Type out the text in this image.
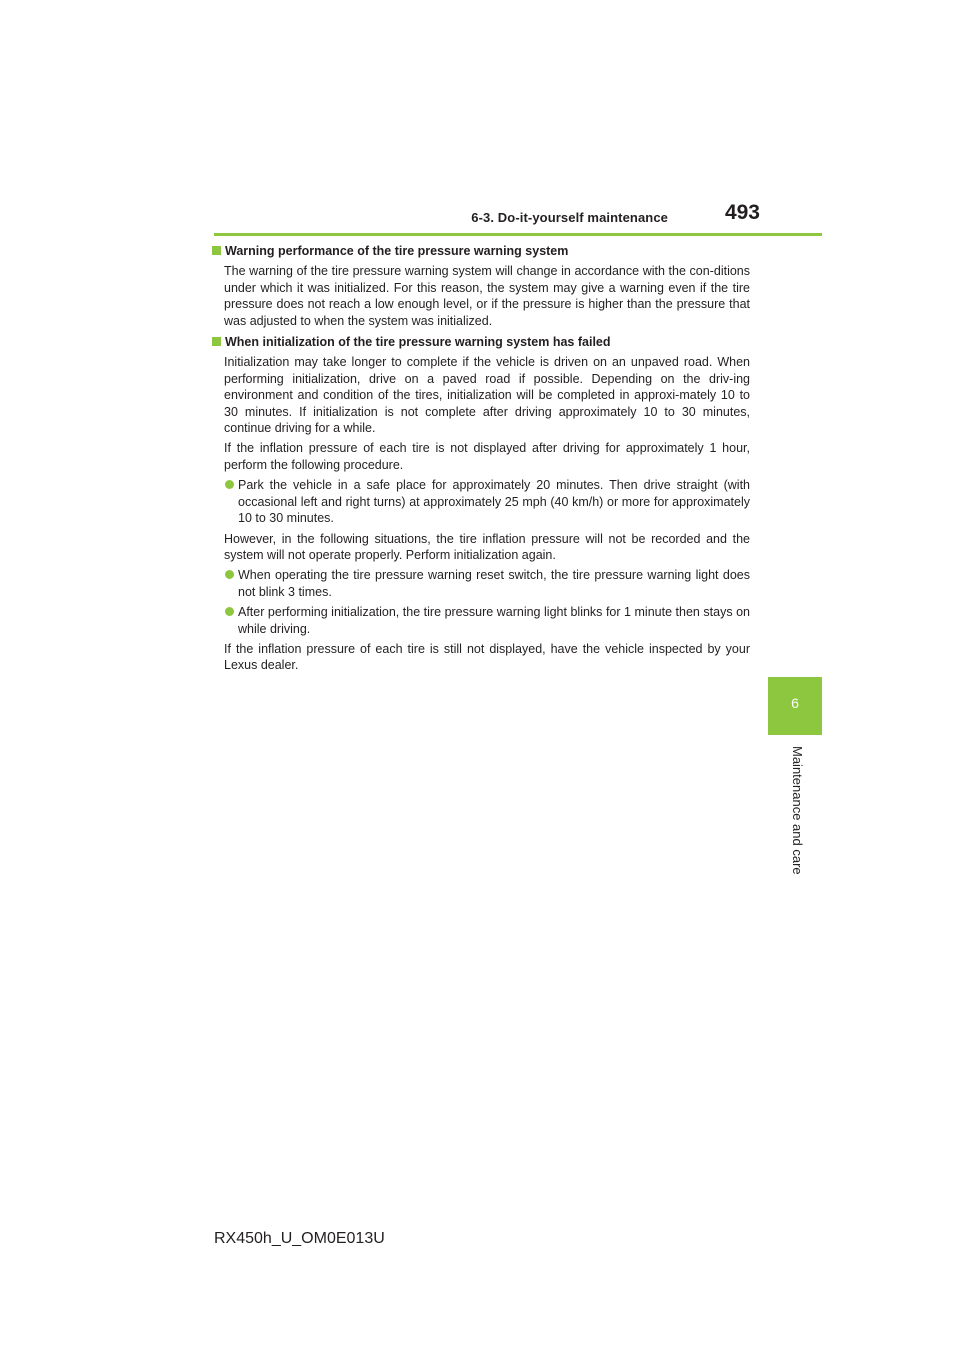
6-3. Do-it-yourself maintenance	493
6
Maintenance and care
Warning performance of the tire pressure warning system

The warning of the tire pressure warning system will change in accordance with the con-ditions under which it was initialized. For this reason, the system may give a warning even if the tire pressure does not reach a low enough level, or if the pressure is higher than the pressure that was adjusted to when the system was initialized.

When initialization of the tire pressure warning system has failed

Initialization may take longer to complete if the vehicle is driven on an unpaved road. When performing initialization, drive on a paved road if possible. Depending on the driv-ing environment and condition of the tires, initialization will be completed in approxi-mately 10 to 30 minutes. If initialization is not complete after driving approximately 10 to 30 minutes, continue driving for a while.

If the inflation pressure of each tire is not displayed after driving for approximately 1 hour, perform the following procedure.

Park the vehicle in a safe place for approximately 20 minutes. Then drive straight (with occasional left and right turns) at approximately 25 mph (40 km/h) or more for approximately 10 to 30 minutes.

However, in the following situations, the tire inflation pressure will not be recorded and the system will not operate properly. Perform initialization again.

When operating the tire pressure warning reset switch, the tire pressure warning light does not blink 3 times.
After performing initialization, the tire pressure warning light blinks for 1 minute then stays on while driving.

If the inflation pressure of each tire is still not displayed, have the vehicle inspected by your Lexus dealer.

RX450h_U_OM0E013U
